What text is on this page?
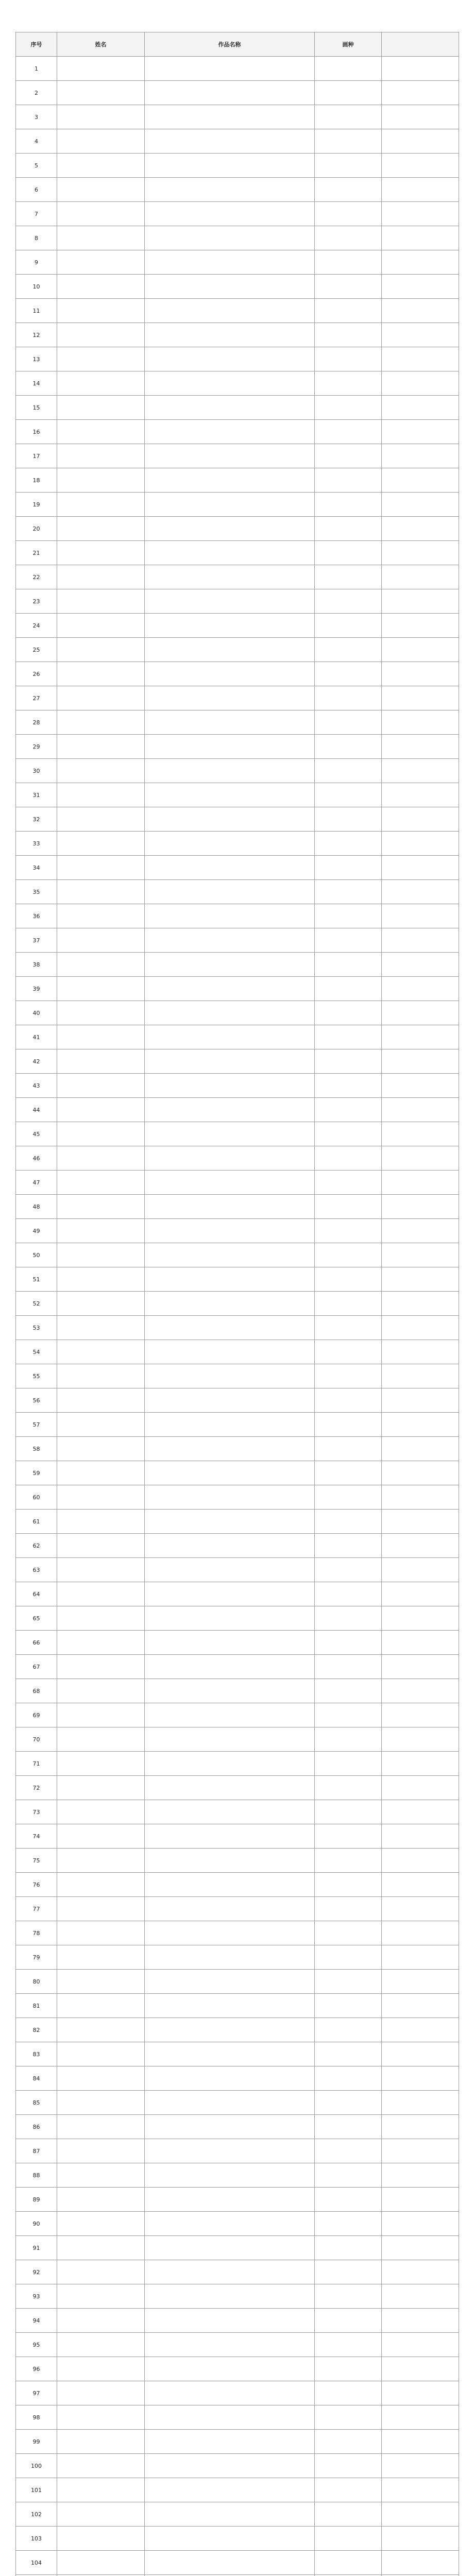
序号	姓名	作品名称	画种	
1				
2				
3				
4				
5				
6				
7				
8				
9				
10				
11				
12				
13				
14				
15				
16				
17				
18				
19				
20				
21				
22				
23				
24				
25				
26				
27				
28				
29				
30				
31				
32				
33				
34				
35				
36				
37				
38				
39				
40				
41				
42				
43				
44				
45				
46				
47				
48				
49				
50				
51				
52				
53				
54				
55				
56				
57				
58				
59				
60				
61				
62				
63				
64				
65				
66				
67				
68				
69				
70				
71				
72				
73				
74				
75				
76				
77				
78				
79				
80				
81				
82				
83				
84				
85				
86				
87				
88				
89				
90				
91				
92				
93				
94				
95				
96				
97				
98				
99				
100				
101				
102				
103				
104				
